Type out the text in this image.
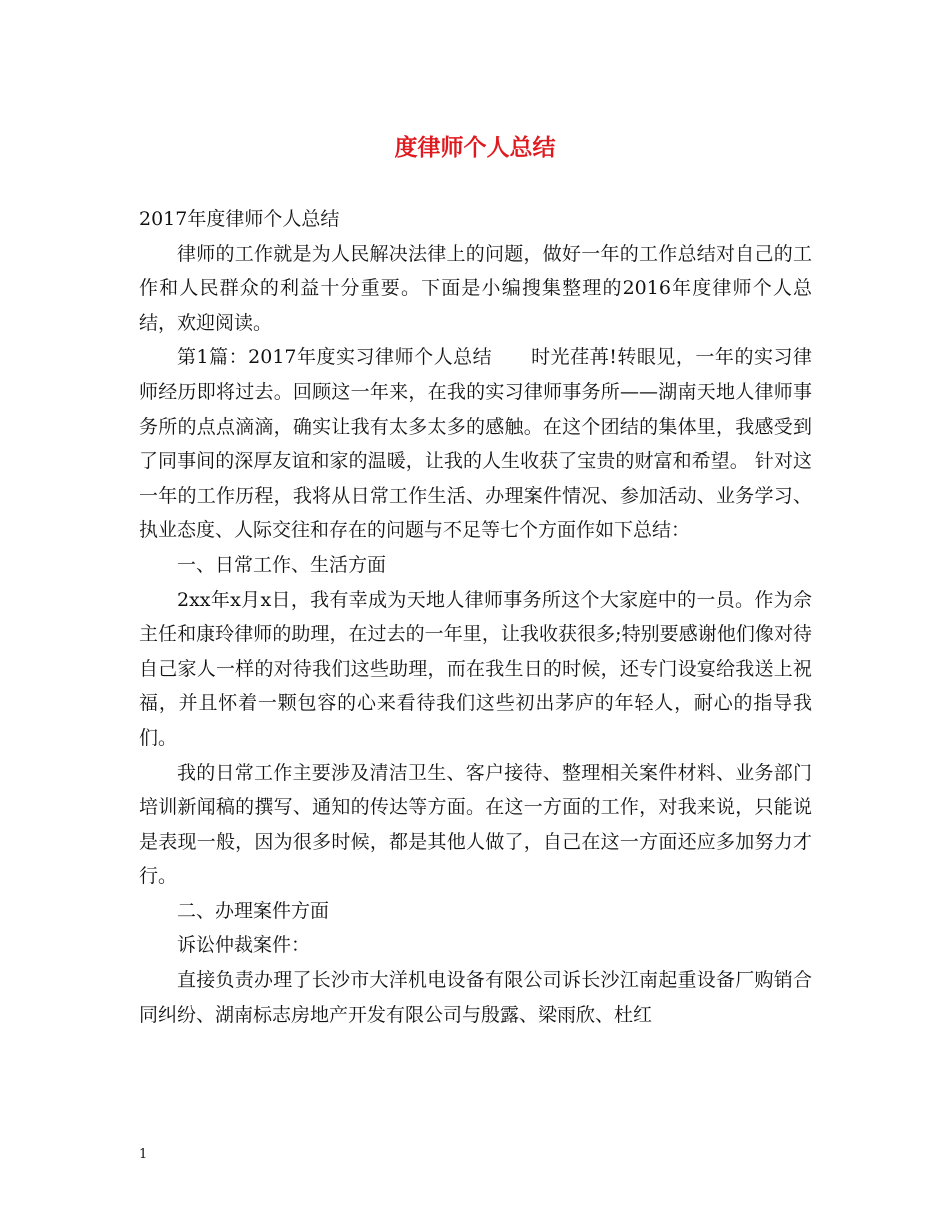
度律师个人总结

2017年度律师个人总结

律师的工作就是为人民解决法律上的问题，做好一年的工作总结对自己的工作和人民群众的利益十分重要。下面是小编搜集整理的2016年度律师个人总结，欢迎阅读。

第1篇：2017年度实习律师个人总结　　时光荏苒!转眼见，一年的实习律师经历即将过去。回顾这一年来，在我的实习律师事务所——湖南天地人律师事务所的点点滴滴，确实让我有太多太多的感触。在这个团结的集体里，我感受到了同事间的深厚友谊和家的温暖，让我的人生收获了宝贵的财富和希望。 针对这一年的工作历程，我将从日常工作生活、办理案件情况、参加活动、业务学习、执业态度、人际交往和存在的问题与不足等七个方面作如下总结：

一、日常工作、生活方面

2xx年x月x日，我有幸成为天地人律师事务所这个大家庭中的一员。作为佘主任和康玲律师的助理，在过去的一年里，让我收获很多;特别要感谢他们像对待自己家人一样的对待我们这些助理，而在我生日的时候，还专门设宴给我送上祝福，并且怀着一颗包容的心来看待我们这些初出茅庐的年轻人，耐心的指导我们。

我的日常工作主要涉及清洁卫生、客户接待、整理相关案件材料、业务部门培训新闻稿的撰写、通知的传达等方面。在这一方面的工作，对我来说，只能说是表现一般，因为很多时候，都是其他人做了，自己在这一方面还应多加努力才行。

二、办理案件方面

诉讼仲裁案件：

直接负责办理了长沙市大洋机电设备有限公司诉长沙江南起重设备厂购销合同纠纷、湖南标志房地产开发有限公司与殷露、梁雨欣、杜红

1
